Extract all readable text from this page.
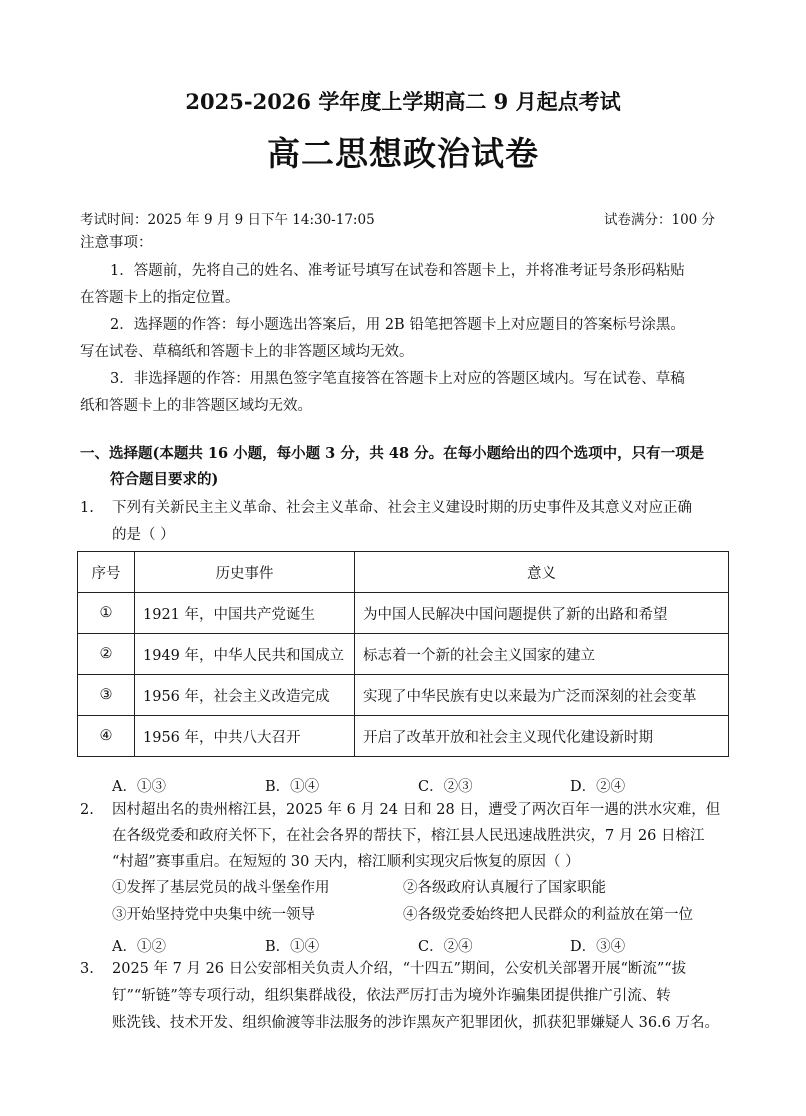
2025-2026 学年度上学期高二 9 月起点考试
高二思想政治试卷
考试时间：2025 年 9 月 9 日下午 14:30-17:05	试卷满分：100 分
注意事项：
1．答题前，先将自己的姓名、准考证号填写在试卷和答题卡上，并将准考证号条形码粘贴
在答题卡上的指定位置。
2．选择题的作答：每小题选出答案后，用 2B 铅笔把答题卡上对应题目的答案标号涂黑。
写在试卷、草稿纸和答题卡上的非答题区域均无效。
3．非选择题的作答：用黑色签字笔直接答在答题卡上对应的答题区域内。写在试卷、草稿
纸和答题卡上的非答题区域均无效。
一、选择题(本题共 16 小题，每小题 3 分，共 48 分。在每小题给出的四个选项中，只有一项是
符合题目要求的)
1. 下列有关新民主主义革命、社会主义革命、社会主义建设时期的历史事件及其意义对应正确
的是（ ）
序号	历史事件	意义
①	1921 年，中国共产党诞生	为中国人民解决中国问题提供了新的出路和希望
②	1949 年，中华人民共和国成立	标志着一个新的社会主义国家的建立
③	1956 年，社会主义改造完成	实现了中华民族有史以来最为广泛而深刻的社会变革
④	1956 年，中共八大召开	开启了改革开放和社会主义现代化建设新时期
A．①③	B．①④	C．②③	D．②④
2. 因村超出名的贵州榕江县，2025 年 6 月 24 日和 28 日，遭受了两次百年一遇的洪水灾难，但
在各级党委和政府关怀下，在社会各界的帮扶下，榕江县人民迅速战胜洪灾，7 月 26 日榕江
“村超”赛事重启。在短短的 30 天内，榕江顺利实现灾后恢复的原因（ ）
①发挥了基层党员的战斗堡垒作用	②各级政府认真履行了国家职能
③开始坚持党中央集中统一领导	④各级党委始终把人民群众的利益放在第一位
A．①②	B．①④	C．②④	D．③④
3. 2025 年 7 月 26 日公安部相关负责人介绍，“十四五”期间，公安机关部署开展“断流”“拔
钉”“斩链”等专项行动，组织集群战役，依法严厉打击为境外诈骗集团提供推广引流、转
账洗钱、技术开发、组织偷渡等非法服务的涉诈黑灰产犯罪团伙，抓获犯罪嫌疑人 36.6 万名。
